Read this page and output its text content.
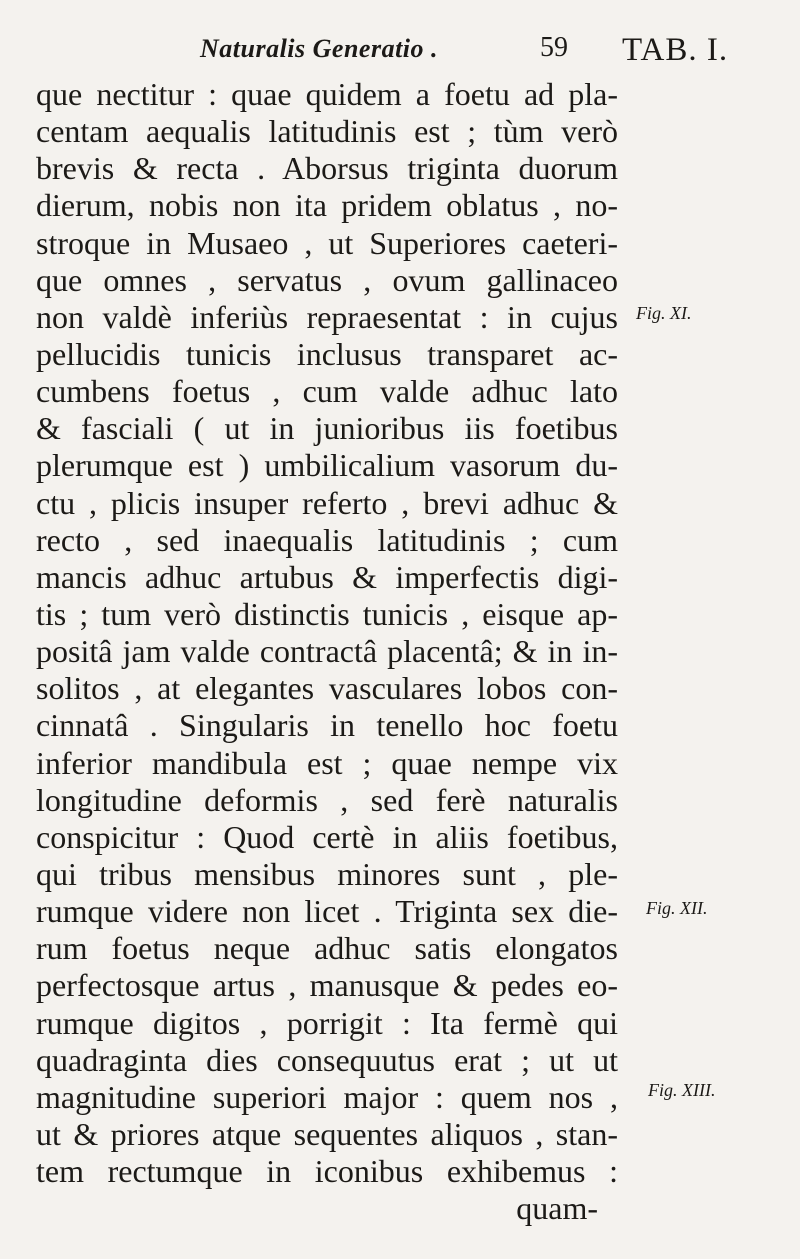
Naturalis Generatio .	59 TAB. I.
que nectitur : quae quidem a foetu ad pla-
centam aequalis latitudinis est ; tùm verò
brevis & recta . Aborsus triginta duorum
dierum, nobis non ita pridem oblatus , no-
stroque in Musaeo , ut Superiores caeteri-
que omnes , servatus , ovum gallinaceo
non valdè inferiùs repraesentat : in cujus
pellucidis tunicis inclusus transparet ac-
cumbens foetus , cum valde adhuc lato
& fasciali ( ut in junioribus iis foetibus
plerumque est ) umbilicalium vasorum du-
ctu , plicis insuper referto , brevi adhuc &
recto , sed inaequalis latitudinis ; cum
mancis adhuc artubus & imperfectis digi-
tis ; tum verò distinctis tunicis , eisque ap-
positâ jam valde contractâ placentâ; & in in-
solitos , at elegantes vasculares lobos con-
cinnatâ . Singularis in tenello hoc foetu
inferior mandibula est ; quae nempe vix
longitudine deformis , sed ferè naturalis
conspicitur : Quod certè in aliis foetibus,
qui tribus mensibus minores sunt , ple-
rumque videre non licet . Triginta sex die-
rum foetus neque adhuc satis elongatos
perfectosque artus , manusque & pedes eo-
rumque digitos , porrigit : Ita fermè qui
quadraginta dies consequutus erat ; ut ut
magnitudine superiori major : quem nos ,
ut & priores atque sequentes aliquos , stan-
tem rectumque in iconibus exhibemus :
quam-
Fig. XI.
Fig. XII.
Fig. XIII.
